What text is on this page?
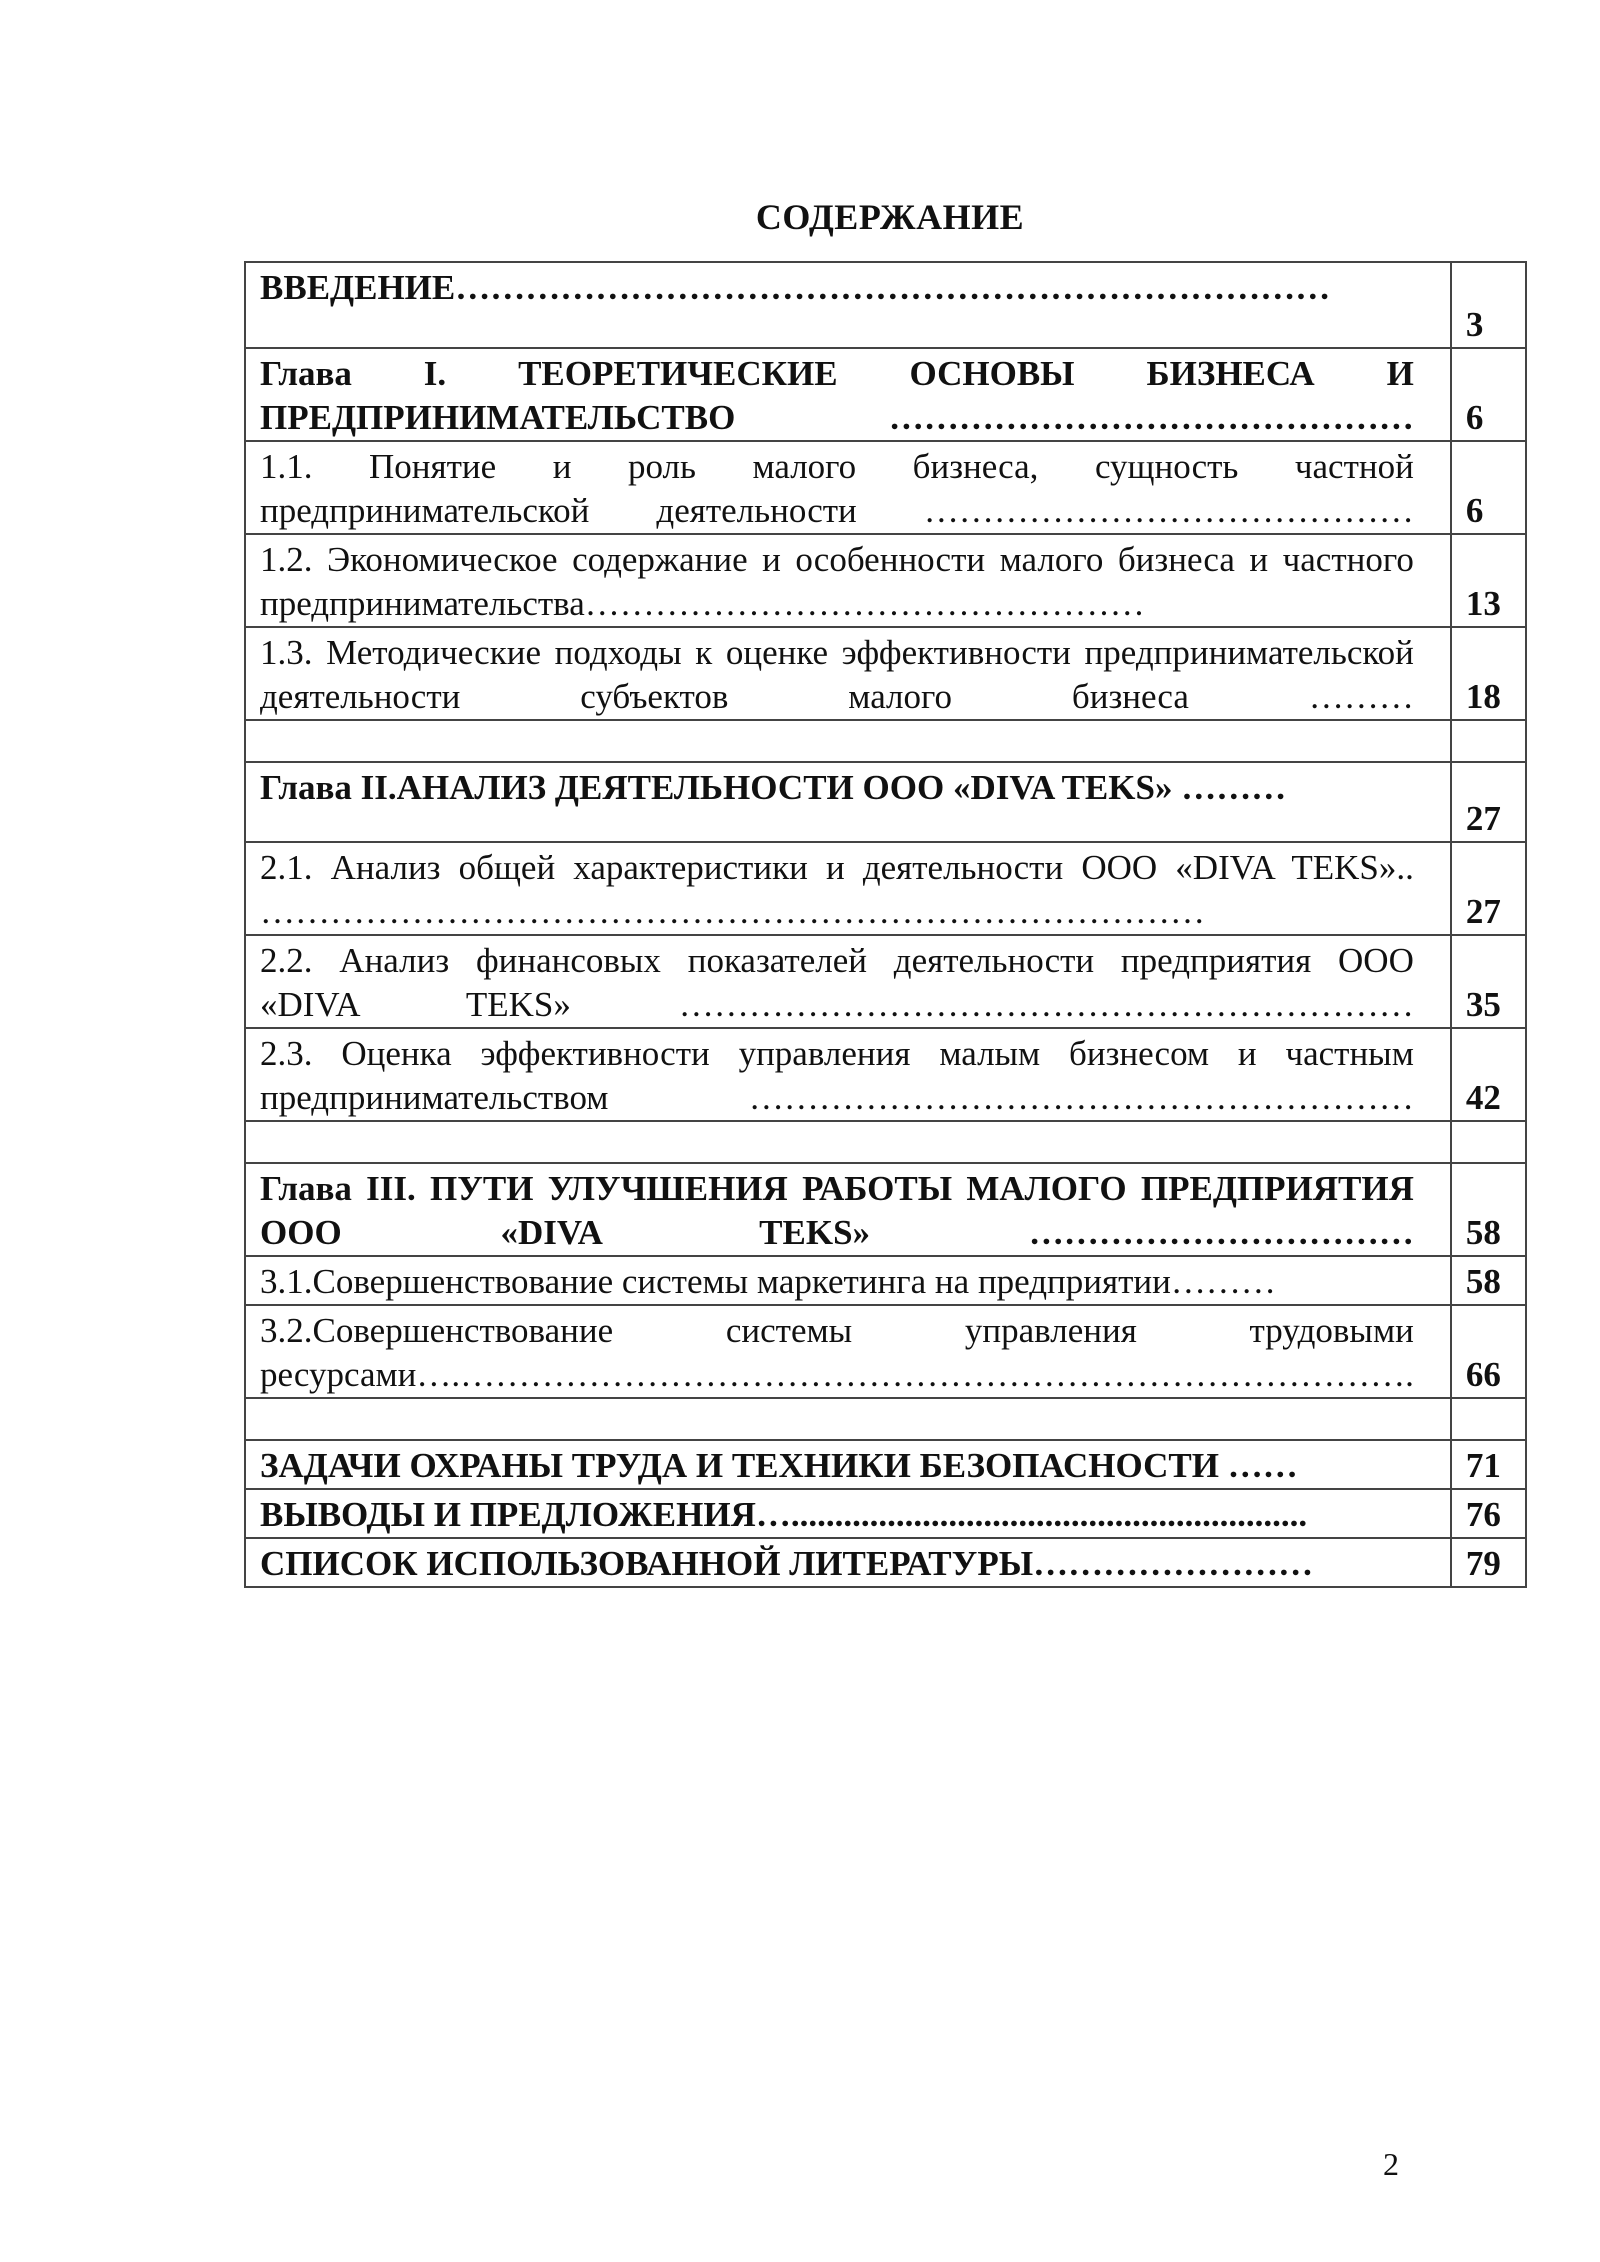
СОДЕРЖАНИЕ
ВВЕДЕНИЕ…………………………………………………………………	3
Глава I. ТЕОРЕТИЧЕСКИЕ ОСНОВЫ БИЗНЕСА И ПРЕДПРИНИМАТЕЛЬСТВО ………………………………………	6
1.1. Понятие и роль малого бизнеса, сущность частной предпринимательской деятельности ……………………………………	6
1.2. Экономическое содержание и особенности малого бизнеса и частного предпринимательства…………………………………………	13
1.3. Методические подходы к оценке эффективности предпринимательской деятельности субъектов малого бизнеса ………	18

Глава II.АНАЛИЗ ДЕЯТЕЛЬНОСТИ ООО «DIVA TEKS» ………	27
2.1. Анализ общей характеристики и деятельности ООО «DIVA TEKS».. ………………………………………………………………………	27
2.2. Анализ финансовых показателей деятельности предприятия ООО «DIVA TEKS» ………………………………………………………	35
2.3. Оценка эффективности управления малым бизнесом и частным предпринимательством …………………………………………………	42

Глава III. ПУТИ УЛУЧШЕНИЯ РАБОТЫ МАЛОГО ПРЕДПРИЯТИЯ ООО «DIVA TEKS» ……………………………	58
3.1.Совершенствование системы маркетинга на предприятии………	58
3.2.Совершенствование системы управления трудовыми ресурсами….……………………………………………………………………….	66

ЗАДАЧИ ОХРАНЫ ТРУДА И ТЕХНИКИ БЕЗОПАСНОСТИ ……	71
ВЫВОДЫ И ПРЕДЛОЖЕНИЯ…...........................................................	76
СПИСОК ИСПОЛЬЗОВАННОЙ ЛИТЕРАТУРЫ……………………	79
2
